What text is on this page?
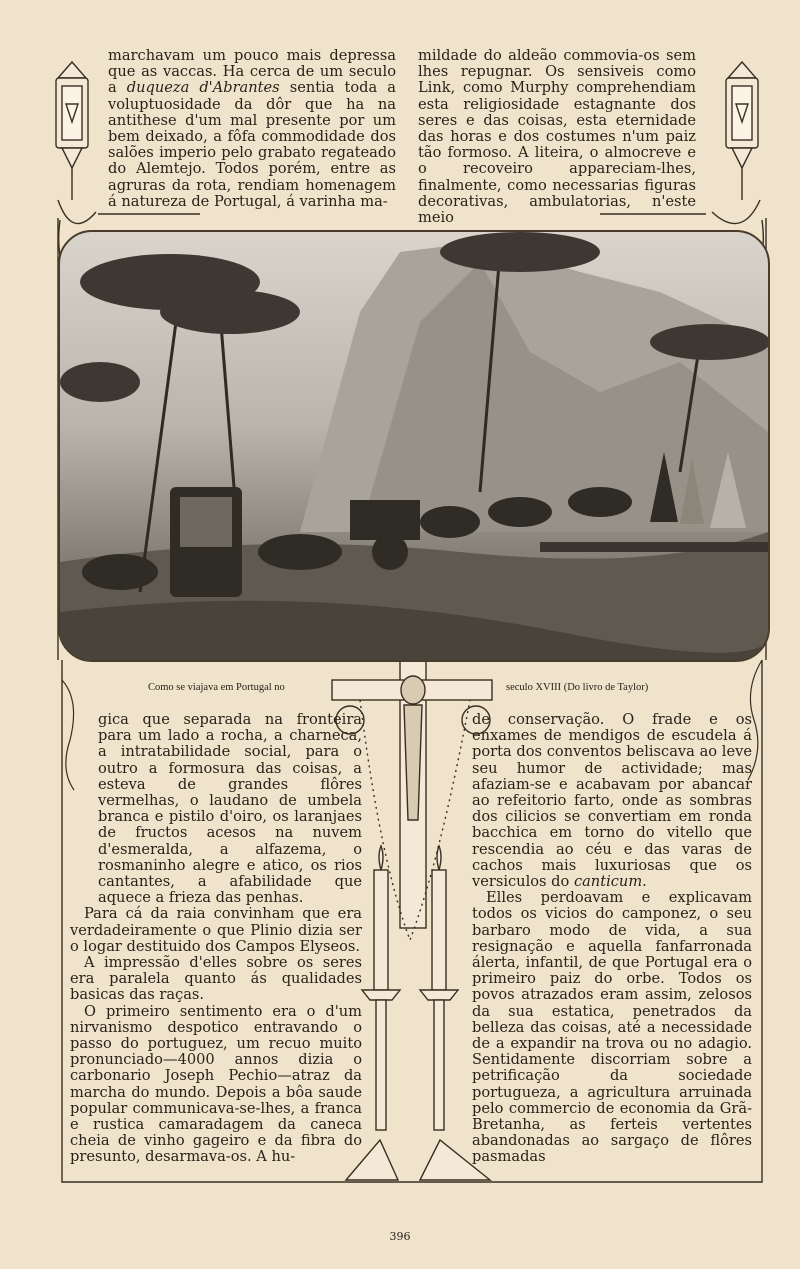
marchavam um pouco mais depressa que as vaccas. Ha cerca de um seculo a duqueza d'Abrantes sentia toda a voluptuosidade da dôr que ha na antithese d'um mal presente por um bem deixado, a fôfa commodidade dos salões imperio pelo grabato regateado do Alemtejo. Todos porém, entre as agruras da rota, rendiam homenagem á natureza de Portugal, á varinha ma-

mildade do aldeão commovia-os sem lhes repugnar. Os sensiveis como Link, como Murphy comprehendiam esta religiosidade estagnante dos seres e das coisas, esta eternidade das horas e dos costumes n'um paiz tão formoso. A liteira, o almocreve e o recoveiro appareciam-lhes, finalmente, como necessarias figuras decorativas, ambulatorias, n'este meio

Como se viajava em Portugal no	seculo XVIII (Do livro de Taylor)

gica que separada na fronteira para um lado a rocha, a charneca, a intratabilidade social, para o outro a formosura das coisas, a esteva de grandes flôres vermelhas, o laudano de umbela branca e pistilo d'oiro, os laranjaes de fructos acesos na nuvem d'esmeralda, a alfazema, o rosmaninho alegre e atico, os rios cantantes, a afabilidade que aquece a frieza das penhas.

Para cá da raia convinham que era verdadeiramente o que Plinio dizia ser o logar destituido dos Campos Elyseos.

A impressão d'elles sobre os seres era paralela quanto ás qualidades basicas das raças.

O primeiro sentimento era o d'um nirvanismo despotico entravando o passo do portuguez, um recuo muito pronunciado—4000 annos dizia o carbonario Joseph Pechio—atraz da marcha do mundo. Depois a bôa saude popular communicava-se-lhes, a franca e rustica camaradagem da caneca cheia de vinho gageiro e da fibra do presunto, desarmava-os. A hu-

de conservação. O frade e os enxames de mendigos de escudela á porta dos conventos beliscava ao leve seu humor de actividade; mas afaziam-se e acabavam por abancar ao refeitorio farto, onde as sombras dos cilicios se convertiam em ronda bacchica em torno do vitello que rescendia ao céu e das varas de cachos mais luxuriosas que os versiculos do canticum.

Elles perdoavam e explicavam todos os vicios do camponez, o seu barbaro modo de vida, a sua resignação e aquella fanfarronada álerta, infantil, de que Portugal era o primeiro paiz do orbe. Todos os povos atrazados eram assim, zelosos da sua estatica, penetrados da belleza das coisas, até a necessidade de a expandir na trova ou no adagio. Sentidamente discorriam sobre a petrificação da sociedade portugueza, a agricultura arruinada pelo commercio de economia da Grã-Bretanha, as ferteis vertentes abandonadas ao sargaço de flôres pasmadas

396
